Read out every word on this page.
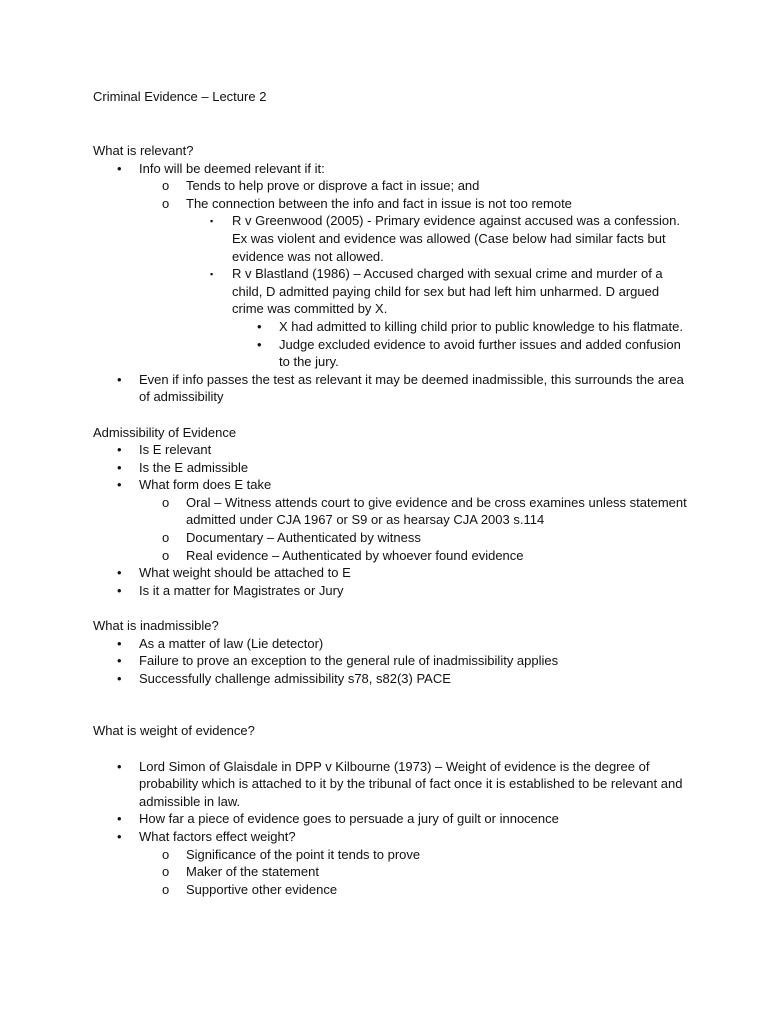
Criminal Evidence – Lecture 2

What is relevant?

• Info will be deemed relevant if it:
o Tends to help prove or disprove a fact in issue; and
o The connection between the info and fact in issue is not too remote
▪ R v Greenwood (2005) - Primary evidence against accused was a confession. Ex was violent and evidence was allowed (Case below had similar facts but evidence was not allowed.
▪ R v Blastland (1986) – Accused charged with sexual crime and murder of a child, D admitted paying child for sex but had left him unharmed. D argued crime was committed by X.
• X had admitted to killing child prior to public knowledge to his flatmate.
• Judge excluded evidence to avoid further issues and added confusion to the jury.
• Even if info passes the test as relevant it may be deemed inadmissible, this surrounds the area of admissibility

Admissibility of Evidence

• Is E relevant
• Is the E admissible
• What form does E take
o Oral – Witness attends court to give evidence and be cross examines unless statement admitted under CJA 1967 or S9 or as hearsay CJA 2003 s.114
o Documentary – Authenticated by witness
o Real evidence – Authenticated by whoever found evidence
• What weight should be attached to E
• Is it a matter for Magistrates or Jury

What is inadmissible?

• As a matter of law (Lie detector)
• Failure to prove an exception to the general rule of inadmissibility applies
• Successfully challenge admissibility s78, s82(3) PACE

What is weight of evidence?

• Lord Simon of Glaisdale in DPP v Kilbourne (1973) – Weight of evidence is the degree of probability which is attached to it by the tribunal of fact once it is established to be relevant and admissible in law.
• How far a piece of evidence goes to persuade a jury of guilt or innocence
• What factors effect weight?
o Significance of the point it tends to prove
o Maker of the statement
o Supportive other evidence
